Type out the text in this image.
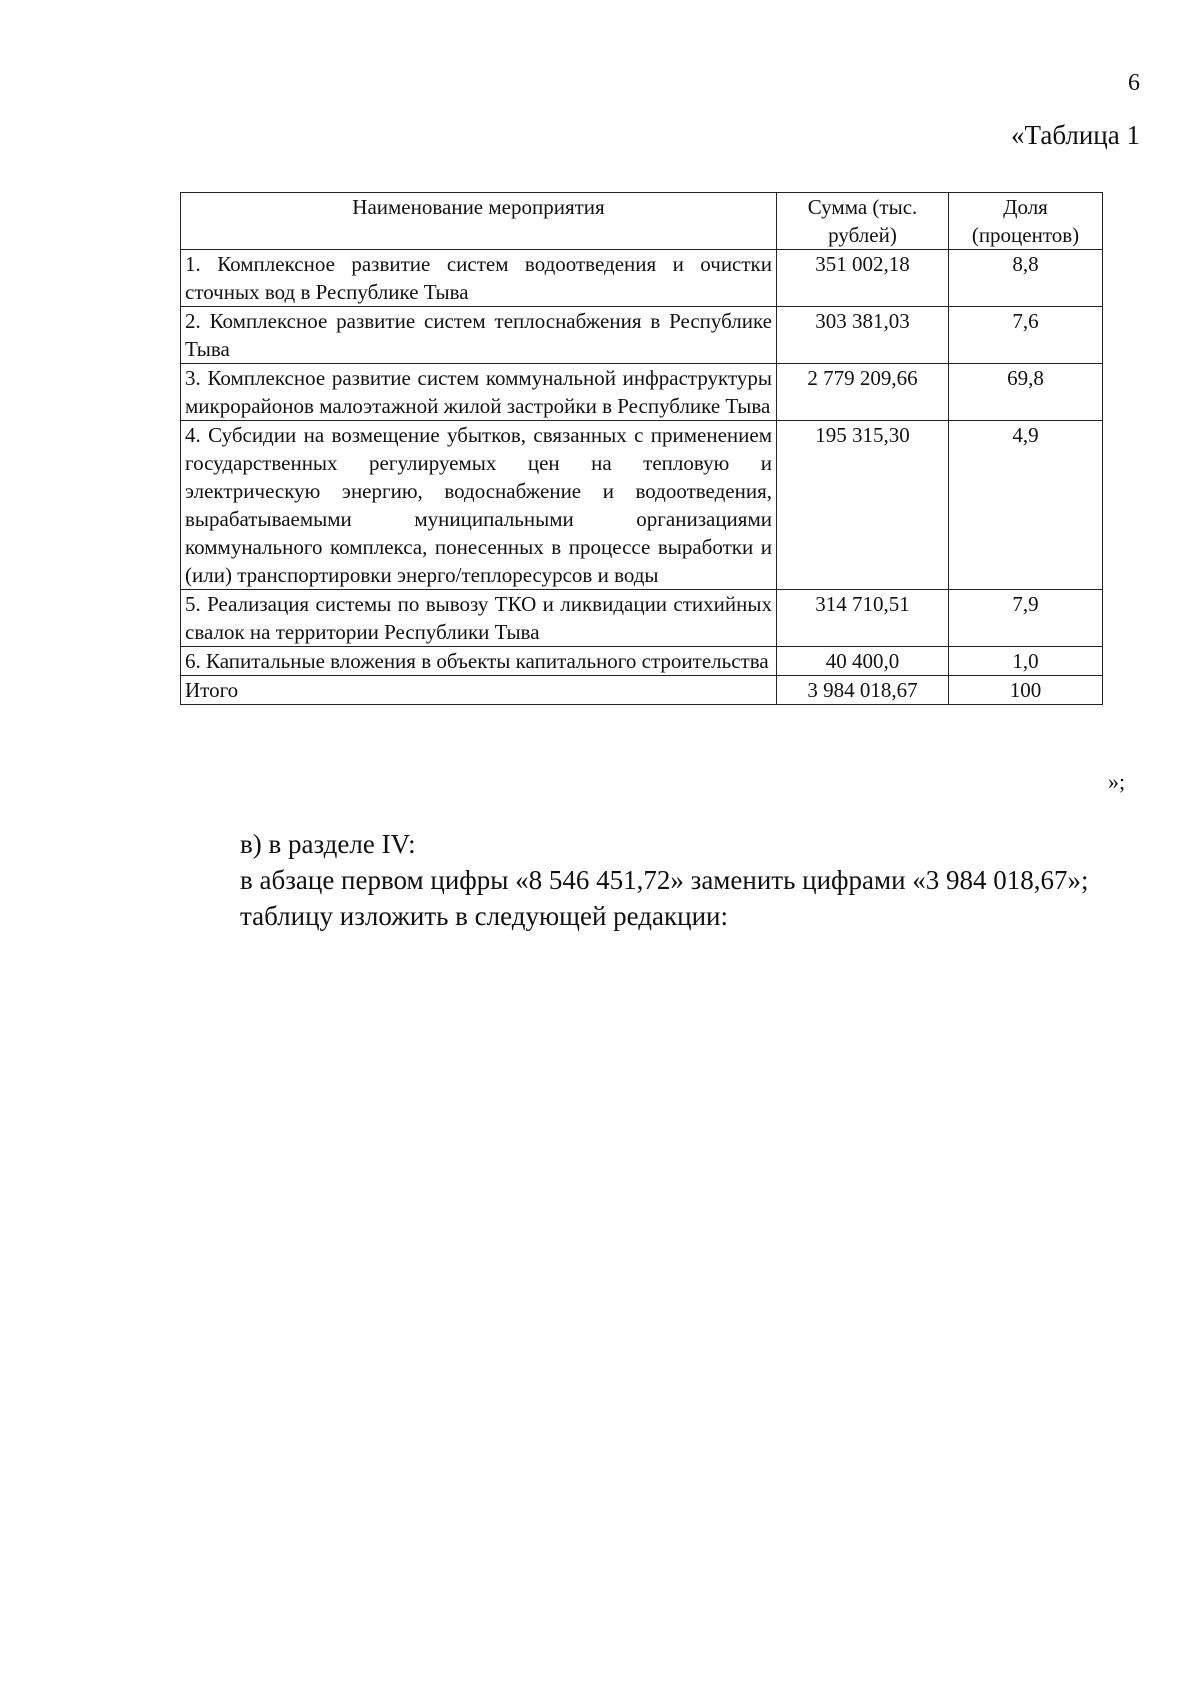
6
«Таблица 1
Наименование мероприятия	Сумма (тыс. рублей)	Доля (процентов)
1. Комплексное развитие систем водоотведения и очистки сточных вод в Республике Тыва	351 002,18	8,8
2. Комплексное развитие систем теплоснабжения в Республике Тыва	303 381,03	7,6
3. Комплексное развитие систем коммунальной инфраструктуры микрорайонов малоэтажной жилой застройки в Республике Тыва	2 779 209,66	69,8
4. Субсидии на возмещение убытков, связанных с применением государственных регулируемых цен на тепловую и электрическую энергию, водоснабжение и водоотведения, вырабатываемыми муниципальными организациями коммунального комплекса, понесенных в процессе выработки и (или) транспортировки энерго/теплоресурсов и воды	195 315,30	4,9
5. Реализация системы по вывозу ТКО и ликвидации стихийных свалок на территории Республики Тыва	314 710,51	7,9
6. Капитальные вложения в объекты капитального строительства	40 400,0	1,0
Итого	3 984 018,67	100
»;

в) в разделе IV:

в абзаце первом цифры «8 546 451,72» заменить цифрами «3 984 018,67»;

таблицу изложить в следующей редакции:
